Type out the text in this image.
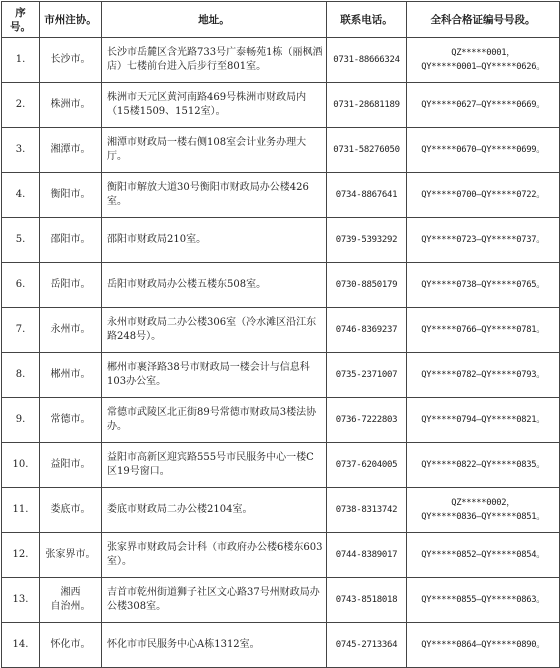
序号。	市州注协。	地址。	联系电话。	全科合格证编号号段。
1.	长沙市。	长沙市岳麓区含光路733号广泰畅苑1栋（丽枫酒店）七楼前台进入后步行至801室。	0731-88666324	QZ*****0001，
QY*****0001—QY*****0626。
2.	株洲市。	株洲市天元区黄河南路469号株洲市财政局内（15楼1509、1512室）。	0731-28681189	QY*****0627—QY*****0669。
3.	湘潭市。	湘潭市财政局一楼右侧108室会计业务办理大厅。	0731-58276050	QY*****0670—QY*****0699。
4.	衡阳市。	衡阳市解放大道30号衡阳市财政局办公楼426室。	0734-8867641	QY*****0700—QY*****0722。
5.	邵阳市。	邵阳市财政局210室。	0739-5393292	QY*****0723—QY*****0737。
6.	岳阳市。	岳阳市财政局办公楼五楼东508室。	0730-8850179	QY*****0738—QY*****0765。
7.	永州市。	永州市财政局二办公楼306室（冷水滩区沿江东路248号）。	0746-8369237	QY*****0766—QY*****0781。
8.	郴州市。	郴州市裹泽路38号市财政局一楼会计与信息科103办公室。	0735-2371007	QY*****0782—QY*****0793。
9.	常德市。	常德市武陵区北正街89号常德市财政局3楼法协办。	0736-7222803	QY*****0794—QY*****0821。
10.	益阳市。	益阳市高新区迎宾路555号市民服务中心一楼C区19号窗口。	0737-6204005	QY*****0822—QY*****0835。
11.	娄底市。	娄底市财政局二办公楼2104室。	0738-8313742	QZ*****0002，
QY*****0836—QY*****0851。
12.	张家界市。	张家界市财政局会计科（市政府办公楼6楼东603室）。	0744-8389017	QY*****0852—QY*****0854。
13.	湘西
自治州。	吉首市乾州街道狮子社区文心路37号州财政局办公楼308室。	0743-8518018	QY*****0855—QY*****0863。
14.	怀化市。	怀化市市民服务中心A栋1312室。	0745-2713364	QY*****0864—QY*****0890。
